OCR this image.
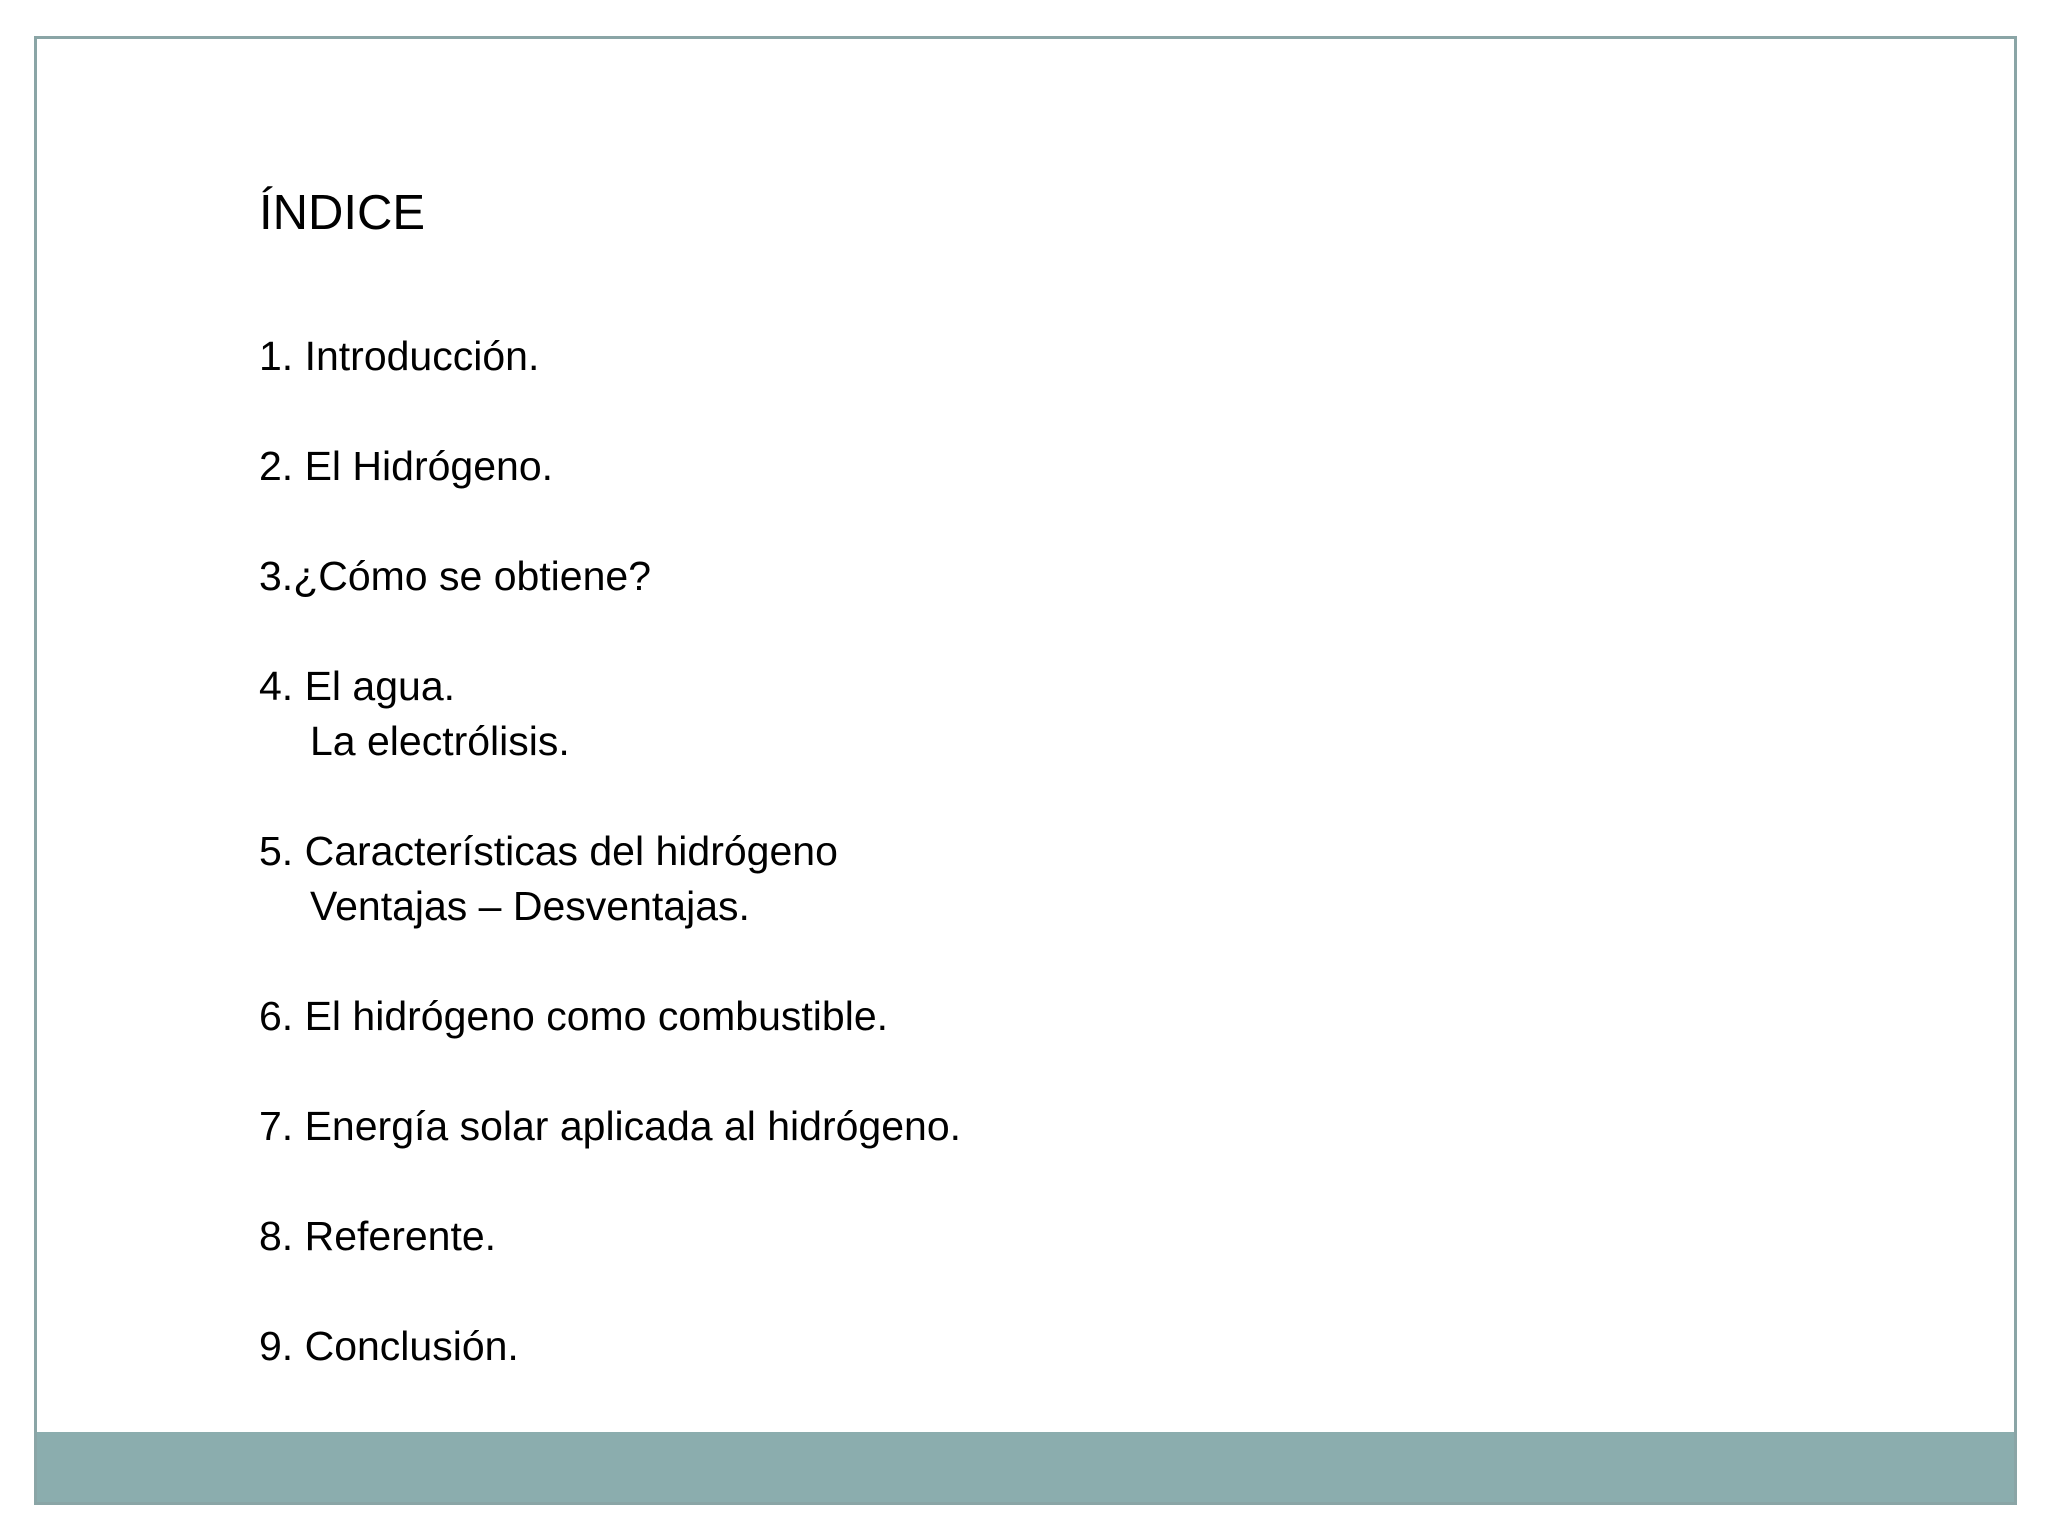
ÍNDICE
1. Introducción.
2. El Hidrógeno.
3.¿Cómo se obtiene?
4. El agua.
La electrólisis.
5. Características del hidrógeno
Ventajas – Desventajas.
6. El hidrógeno como combustible.
7. Energía solar aplicada al hidrógeno.
8. Referente.
9. Conclusión.
